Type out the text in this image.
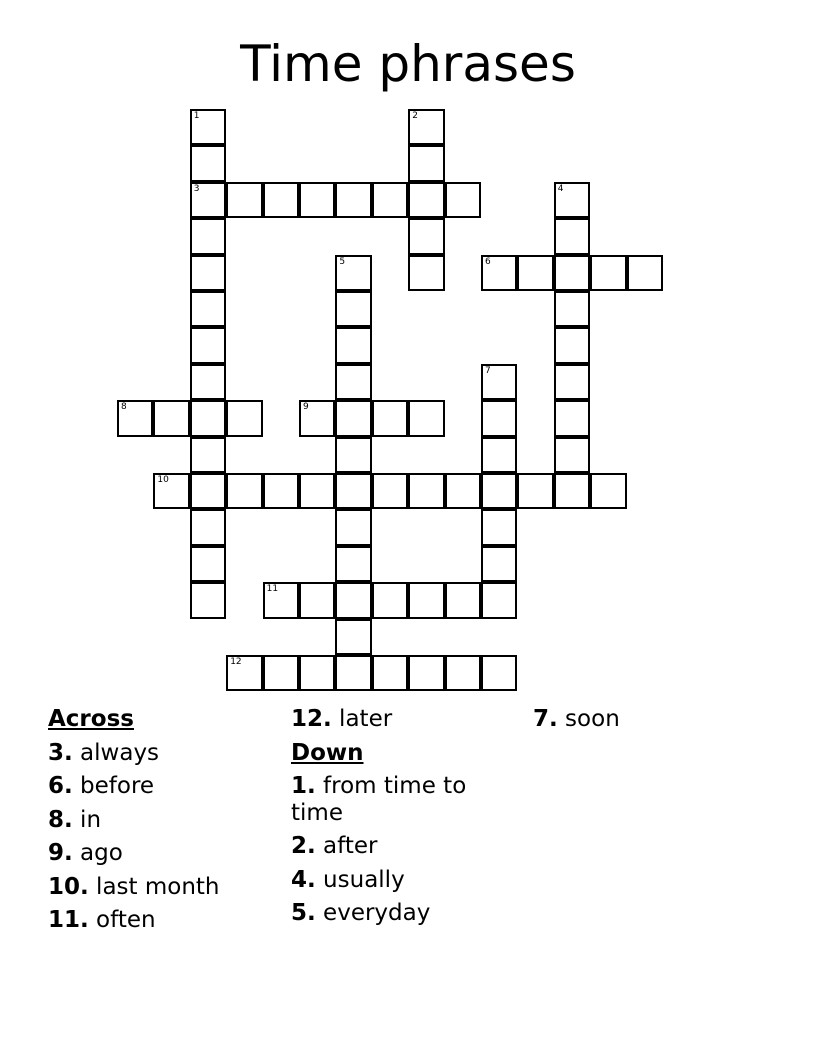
Time phrases
1	2
3	4
5	6
7
8	9
10
11
12
Across
3. always
6. before
8. in
9. ago
10. last month
11. often
12. later
Down
1. from time to time
2. after
4. usually
5. everyday
7. soon
